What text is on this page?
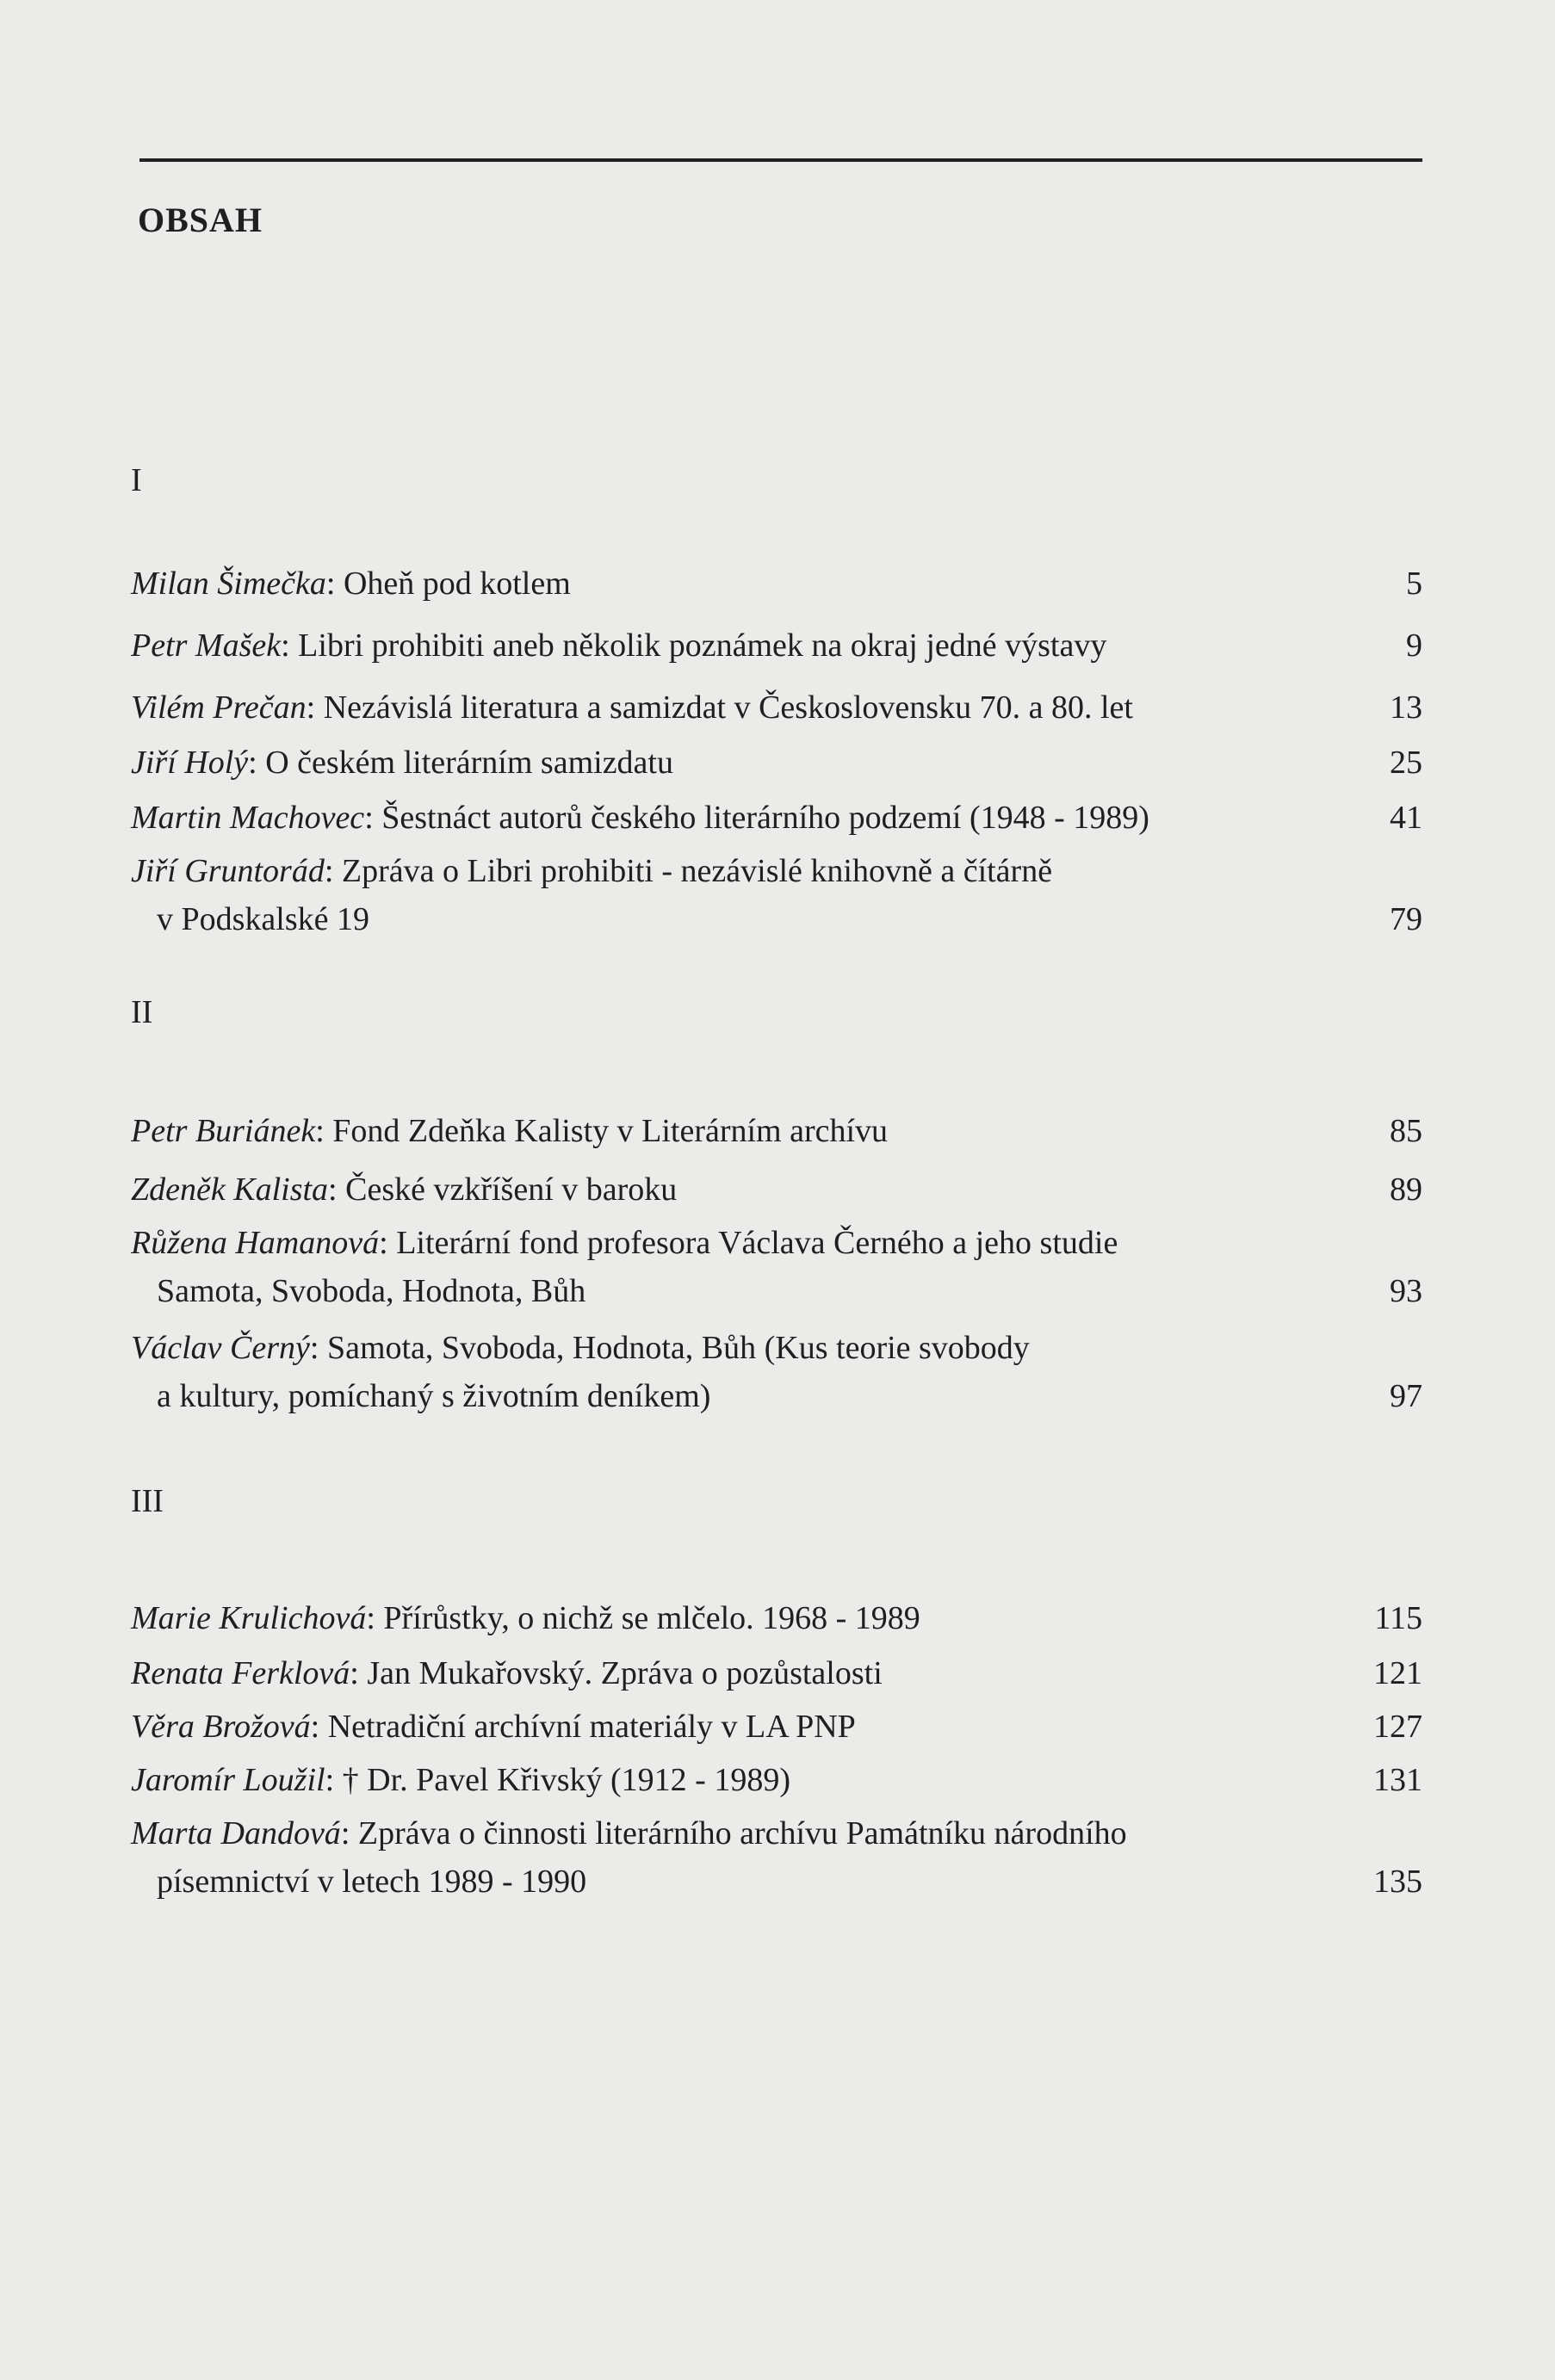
OBSAH
I
Milan Šimečka: Oheň pod kotlem	5
Petr Mašek: Libri prohibiti aneb několik poznámek na okraj jedné výstavy	9
Vilém Prečan: Nezávislá literatura a samizdat v Československu 70. a 80. let	13
Jiří Holý: O českém literárním samizdatu	25
Martin Machovec: Šestnáct autorů českého literárního podzemí (1948 - 1989)	41
Jiří Gruntorád: Zpráva o Libri prohibiti - nezávislé knihovně a čítárně
v Podskalské 19	79
II
Petr Buriánek: Fond Zdeňka Kalisty v Literárním archívu	85
Zdeněk Kalista: České vzkříšení v baroku	89
Růžena Hamanová: Literární fond profesora Václava Černého a jeho studie
Samota, Svoboda, Hodnota, Bůh	93
Václav Černý: Samota, Svoboda, Hodnota, Bůh (Kus teorie svobody
a kultury, pomíchaný s životním deníkem)	97
III
Marie Krulichová: Přírůstky, o nichž se mlčelo. 1968 - 1989	115
Renata Ferklová: Jan Mukařovský. Zpráva o pozůstalosti	121
Věra Brožová: Netradiční archívní materiály v LA PNP	127
Jaromír Loužil: † Dr. Pavel Křivský (1912 - 1989)	131
Marta Dandová: Zpráva o činnosti literárního archívu Památníku národního
písemnictví v letech 1989 - 1990	135
